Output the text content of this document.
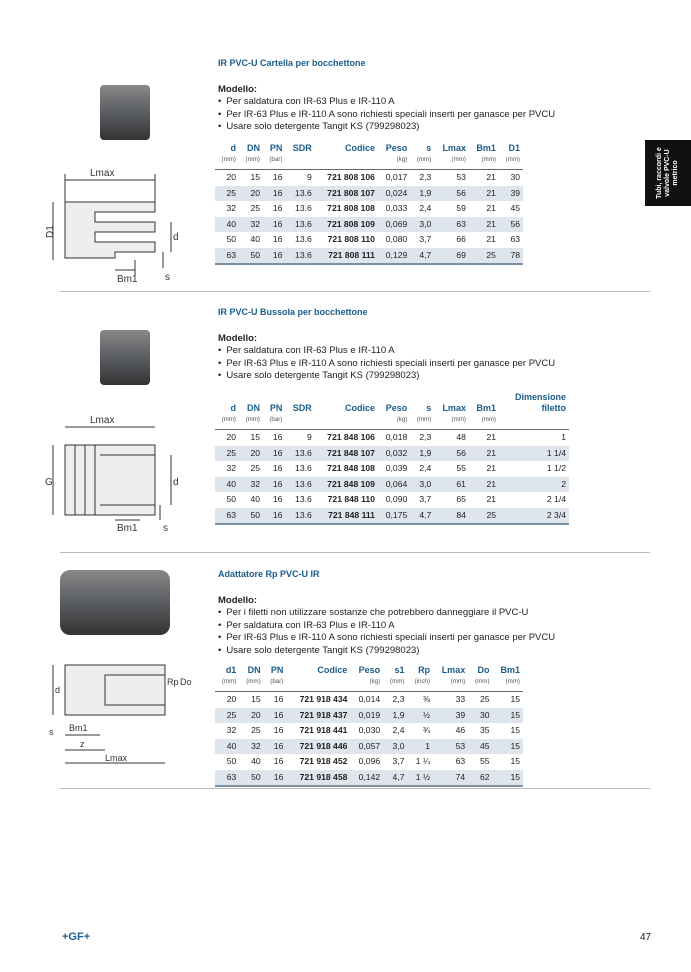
Tubi, raccordi e valvole PVC-U metrico
IR PVC-U Cartella per bocchettone
Modello:
• Per saldatura con IR-63 Plus e IR-110 A
• Per IR-63 Plus e IR-110 A sono richiesti speciali inserti per ganasce per PVCU
• Usare solo detergente Tangit KS (799298023)
Lmax
D1	d
Bm1	s
d	DN	PN	SDR	Codice	Peso	s	Lmax	Bm1	D1
(mm)	(mm)	(bar)			(kg)	(mm)	(mm)	(mm)	(mm)
20	15	16	9	721 808 106	0,017	2,3	53	21	30
25	20	16	13.6	721 808 107	0,024	1,9	56	21	39
32	25	16	13.6	721 808 108	0,033	2,4	59	21	45
40	32	16	13.6	721 808 109	0,069	3,0	63	21	56
50	40	16	13.6	721 808 110	0,080	3,7	66	21	63
63	50	16	13.6	721 808 111	0,129	4,7	69	25	78
IR PVC-U Bussola per bocchettone
Modello:
• Per saldatura con IR-63 Plus e IR-110 A
• Per IR-63 Plus e IR-110 A sono richiesti speciali inserti per ganasce per PVCU
• Usare solo detergente Tangit KS (799298023)
Lmax
G	d
Bm1	s
d	DN	PN	SDR	Codice	Peso	s	Lmax	Bm1	Dimensione filetto
(mm)	(mm)	(bar)			(kg)	(mm)	(mm)	(mm)	
20	15	16	9	721 848 106	0,018	2,3	48	21	1
25	20	16	13.6	721 848 107	0,032	1,9	56	21	1 1/4
32	25	16	13.6	721 848 108	0,039	2,4	55	21	1 1/2
40	32	16	13.6	721 848 109	0,064	3,0	61	21	2
50	40	16	13.6	721 848 110	0,090	3,7	65	21	2 1/4
63	50	16	13.6	721 848 111	0,175	4,7	84	25	2 3/4
Adattatore Rp PVC-U IR
Modello:
• Per i filetti non utilizzare sostanze che potrebbero danneggiare il PVC-U
• Per saldatura con IR-63 Plus e IR-110 A
• Per IR-63 Plus e IR-110 A sono richiesti speciali inserti per ganasce per PVCU
• Usare solo detergente Tangit KS (799298023)
d
Rp Do
Bm1
s
z
Lmax
d1	DN	PN	Codice	Peso	s1	Rp	Lmax	Do	Bm1
(mm)	(mm)	(bar)		(kg)	(mm)	(inch)	(mm)	(mm)	(mm)
20	15	16	721 918 434	0,014	2,3	⅜	33	25	15
25	20	16	721 918 437	0,019	1,9	½	39	30	15
32	25	16	721 918 441	0,030	2,4	¾	46	35	15
40	32	16	721 918 446	0,057	3,0	1	53	45	15
50	40	16	721 918 452	0,096	3,7	1 ¼	63	55	15
63	50	16	721 918 458	0,142	4,7	1 ½	74	62	15
+GF+	47
